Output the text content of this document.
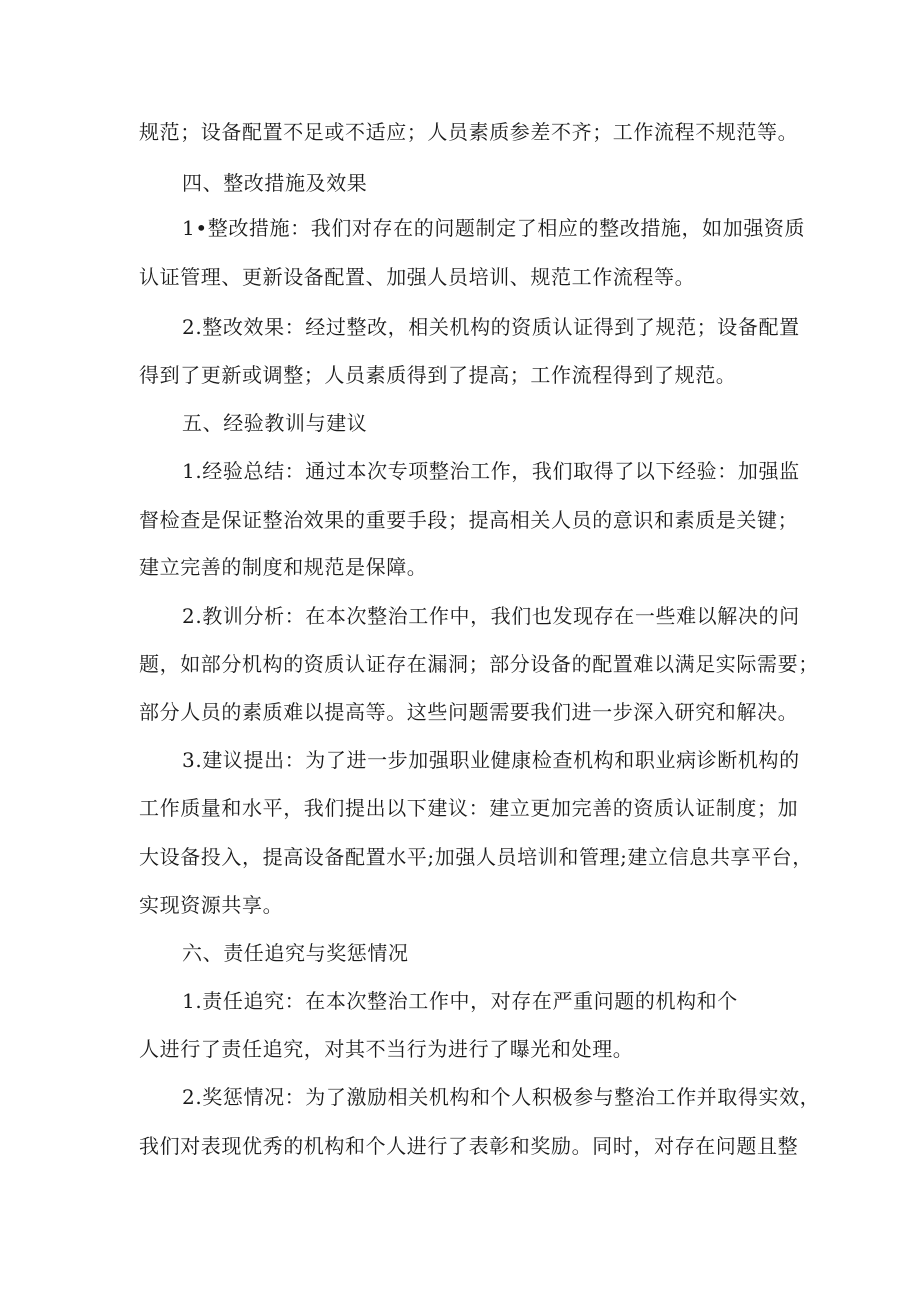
规范；设备配置不足或不适应；人员素质参差不齐；工作流程不规范等。
四、整改措施及效果
1•整改措施：我们对存在的问题制定了相应的整改措施，如加强资质
认证管理、更新设备配置、加强人员培训、规范工作流程等。
2.整改效果：经过整改，相关机构的资质认证得到了规范；设备配置
得到了更新或调整；人员素质得到了提高；工作流程得到了规范。
五、经验教训与建议
1.经验总结：通过本次专项整治工作，我们取得了以下经验：加强监
督检查是保证整治效果的重要手段；提高相关人员的意识和素质是关键；
建立完善的制度和规范是保障。
2.教训分析：在本次整治工作中，我们也发现存在一些难以解决的问
题，如部分机构的资质认证存在漏洞；部分设备的配置难以满足实际需要；
部分人员的素质难以提高等。这些问题需要我们进一步深入研究和解决。
3.建议提出：为了进一步加强职业健康检查机构和职业病诊断机构的
工作质量和水平，我们提出以下建议：建立更加完善的资质认证制度；加
大设备投入，提高设备配置水平;加强人员培训和管理;建立信息共享平台，
实现资源共享。
六、责任追究与奖惩情况
1.责任追究：在本次整治工作中，对存在严重问题的机构和个
人进行了责任追究，对其不当行为进行了曝光和处理。
2.奖惩情况：为了激励相关机构和个人积极参与整治工作并取得实效，
我们对表现优秀的机构和个人进行了表彰和奖励。同时，对存在问题且整
